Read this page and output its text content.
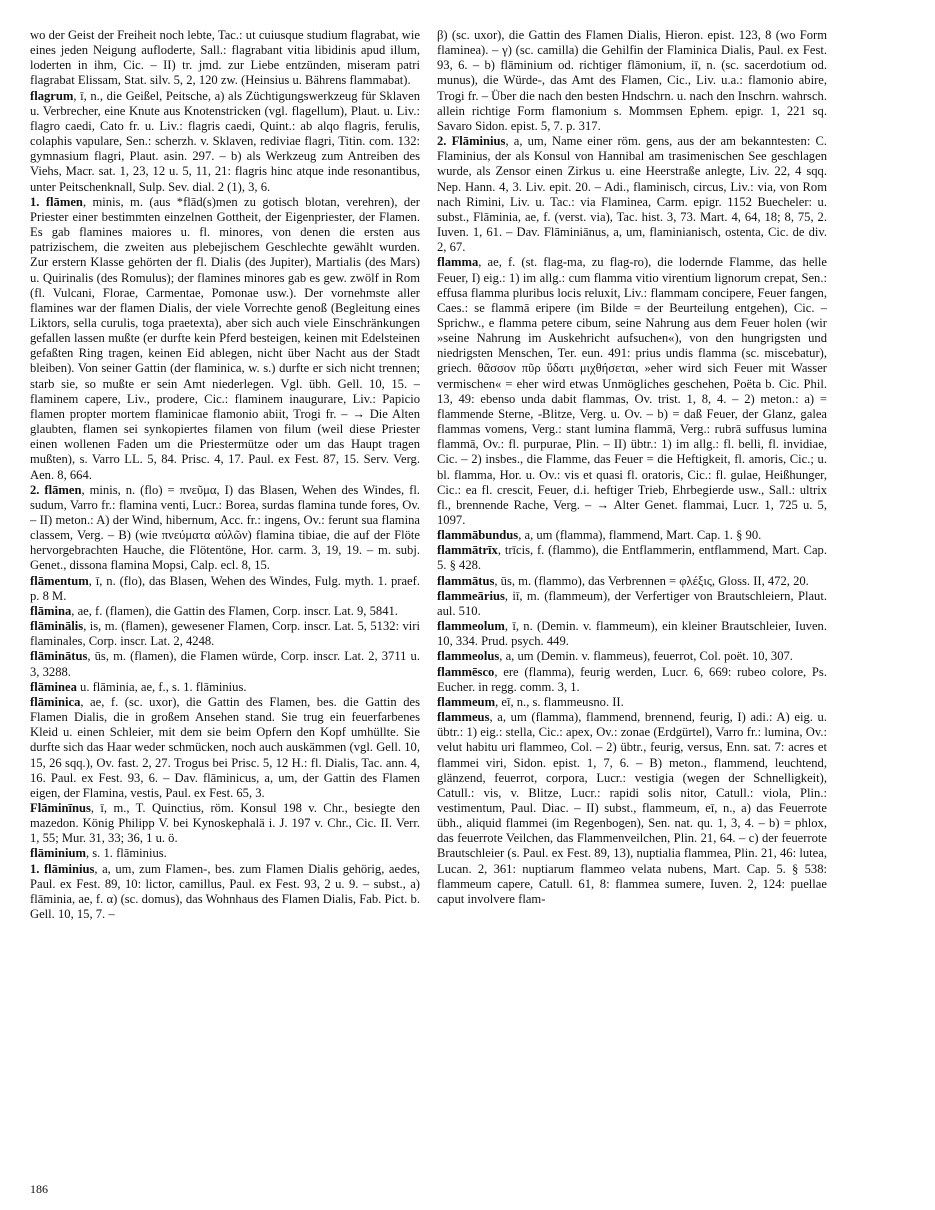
wo der Geist der Freiheit noch lebte, Tac.: ut cuiusque studium flagrabat, wie eines jeden Neigung aufloderte, Sall.: flagrabant vitia libidinis apud illum, loderten in ihm, Cic. – II) tr. jmd. zur Liebe entzünden, miseram patri flagrabat Elissam, Stat. silv. 5, 2, 120 zw. (Heinsius u. Bährens flammabat).

flagrum, ī, n., die Geißel, Peitsche, a) als Züchtigungswerkzeug für Sklaven u. Verbrecher, eine Knute aus Knotenstricken (vgl. flagellum), Plaut. u. Liv.: flagro caedi, Cato fr. u. Liv.: flagris caedi, Quint.: ab alqo flagris, ferulis, colaphis vapulare, Sen.: scherzh. v. Sklaven, rediviae flagri, Titin. com. 132: gymnasium flagri, Plaut. asin. 297. – b) als Werkzeug zum Antreiben des Viehs, Macr. sat. 1, 23, 12 u. 5, 11, 21: flagris hinc atque inde resonantibus, unter Peitschenknall, Sulp. Sev. dial. 2 (1), 3, 6.

1. flāmen, minis, m. (aus *flād(s)men zu gotisch blotan, verehren), der Priester einer bestimmten einzelnen Gottheit, der Eigenpriester, der Flamen. Es gab flamines maiores u. fl. minores, von denen die ersten aus patrizischem, die zweiten aus plebejischem Geschlechte gewählt wurden. Zur erstern Klasse gehörten der fl. Dialis (des Jupiter), Martialis (des Mars) u. Quirinalis (des Romulus); der flamines minores gab es gew. zwölf in Rom (fl. Vulcani, Florae, Carmentae, Pomonae usw.). Der vornehmste aller flamines war der flamen Dialis, der viele Vorrechte genoß (Begleitung eines Liktors, sella curulis, toga praetexta), aber sich auch viele Einschränkungen gefallen lassen mußte (er durfte kein Pferd besteigen, keinen mit Edelsteinen gefaßten Ring tragen, keinen Eid ablegen, nicht über Nacht aus der Stadt bleiben). Von seiner Gattin (der flaminica, w. s.) durfte er sich nicht trennen; starb sie, so mußte er sein Amt niederlegen. Vgl. übh. Gell. 10, 15. – flaminem capere, Liv., prodere, Cic.: flaminem inaugurare, Liv.: Papicio flamen propter mortem flaminicae flamonio abiit, Trogi fr. – → Die Alten glaubten, flamen sei synkopiertes filamen von filum (weil diese Priester einen wollenen Faden um die Priestermütze oder um das Haupt tragen mußten), s. Varro LL. 5, 84. Prisc. 4, 17. Paul. ex Fest. 87, 15. Serv. Verg. Aen. 8, 664.

2. flāmen, minis, n. (flo) = πνεῦμα, I) das Blasen, Wehen des Windes, fl. sudum, Varro fr.: flamina venti, Lucr.: Borea, surdas flamina tunde fores, Ov. – II) meton.: A) der Wind, hibernum, Acc. fr.: ingens, Ov.: ferunt sua flamina classem, Verg. – B) (wie πνεύματα αὐλῶν) flamina tibiae, die auf der Flöte hervorgebrachten Hauche, die Flötentöne, Hor. carm. 3, 19, 19. – m. subj. Genet., dissona flamina Mopsi, Calp. ecl. 8, 15.

flāmentum, ī, n. (flo), das Blasen, Wehen des Windes, Fulg. myth. 1. praef. p. 8 M.

flāmina, ae, f. (flamen), die Gattin des Flamen, Corp. inscr. Lat. 9, 5841.

flāminālis, is, m. (flamen), gewesener Flamen, Corp. inscr. Lat. 5, 5132: viri flaminales, Corp. inscr. Lat. 2, 4248.

flāminātus, ūs, m. (flamen), die Flamen würde, Corp. inscr. Lat. 2, 3711 u. 3, 3288.

flāminea u. flāminia, ae, f., s. 1. flāminius.

flāminica, ae, f. (sc. uxor), die Gattin des Flamen, bes. die Gattin des Flamen Dialis, die in großem Ansehen stand. Sie trug ein feuerfarbenes Kleid u. einen Schleier, mit dem sie beim Opfern den Kopf umhüllte. Sie durfte sich das Haar weder schmücken, noch auch auskämmen (vgl. Gell. 10, 15, 26 sqq.), Ov. fast. 2, 27. Trogus bei Prisc. 5, 12 H.: fl. Dialis, Tac. ann. 4, 16. Paul. ex Fest. 93, 6. – Dav. flāminicus, a, um, der Gattin des Flamen eigen, der Flamina, vestis, Paul. ex Fest. 65, 3.

Flāminīnus, ī, m., T. Quinctius, röm. Konsul 198 v. Chr., besiegte den mazedon. König Philipp V. bei Kynoskephalä i. J. 197 v. Chr., Cic. II. Verr. 1, 55; Mur. 31, 33; 36, 1 u. ö.

flāminium, s. 1. flāminius.

1. flāminius, a, um, zum Flamen-, bes. zum Flamen Dialis gehörig, aedes, Paul. ex Fest. 89, 10: lictor, camillus, Paul. ex Fest. 93, 2 u. 9. – subst., a) flāminia, ae, f. α) (sc. domus), das Wohnhaus des Flamen Dialis, Fab. Pict. b. Gell. 10, 15, 7. –

β) (sc. uxor), die Gattin des Flamen Dialis, Hieron. epist. 123, 8 (wo Form flaminea). – γ) (sc. camilla) die Gehilfin der Flaminica Dialis, Paul. ex Fest. 93, 6. – b) flāminium od. richtiger flāmonium, iī, n. (sc. sacerdotium od. munus), die Würde-, das Amt des Flamen, Cic., Liv. u.a.: flamonio abire, Trogi fr. – Über die nach den besten Hndschrn. u. nach den Inschrn. wahrsch. allein richtige Form flamonium s. Mommsen Ephem. epigr. 1, 221 sq. Savaro Sidon. epist. 5, 7. p. 317.

2. Flāminius, a, um, Name einer röm. gens, aus der am bekanntesten: C. Flaminius, der als Konsul von Hannibal am trasimenischen See geschlagen wurde, als Zensor einen Zirkus u. eine Heerstraße anlegte, Liv. 22, 4 sqq. Nep. Hann. 4, 3. Liv. epit. 20. – Adi., flaminisch, circus, Liv.: via, von Rom nach Rimini, Liv. u. Tac.: via Flaminea, Carm. epigr. 1152 Buecheler: u. subst., Flāminia, ae, f. (verst. via), Tac. hist. 3, 73. Mart. 4, 64, 18; 8, 75, 2. Iuven. 1, 61. – Dav. Flāminiānus, a, um, flaminianisch, ostenta, Cic. de div. 2, 67.

flamma, ae, f. (st. flag-ma, zu flag-ro), die lodernde Flamme, das helle Feuer, I) eig.: 1) im allg.: cum flamma vitio virentium lignorum crepat, Sen.: effusa flamma pluribus locis reluxit, Liv.: flammam concipere, Feuer fangen, Caes.: se flammā eripere (im Bilde = der Beurteilung entgehen), Cic. – Sprichw., e flamma petere cibum, seine Nahrung aus dem Feuer holen (wir »seine Nahrung im Auskehricht aufsuchen«), von den hungrigsten und niedrigsten Menschen, Ter. eun. 491: prius undis flamma (sc. miscebatur), griech. θᾶσσον πῦρ ὕδατι μιχθήσεται, »eher wird sich Feuer mit Wasser vermischen« = eher wird etwas Unmögliches geschehen, Poëta b. Cic. Phil. 13, 49: ebenso unda dabit flammas, Ov. trist. 1, 8, 4. – 2) meton.: a) = flammende Sterne, -Blitze, Verg. u. Ov. – b) = daß Feuer, der Glanz, galea flammas vomens, Verg.: stant lumina flammā, Verg.: rubrā suffusus lumina flammā, Ov.: fl. purpurae, Plin. – II) übtr.: 1) im allg.: fl. belli, fl. invidiae, Cic. – 2) insbes., die Flamme, das Feuer = die Heftigkeit, fl. amoris, Cic.; u. bl. flamma, Hor. u. Ov.: vis et quasi fl. oratoris, Cic.: fl. gulae, Heißhunger, Cic.: ea fl. crescit, Feuer, d.i. heftiger Trieb, Ehrbegierde usw., Sall.: ultrix fl., brennende Rache, Verg. – → Alter Genet. flammai, Lucr. 1, 725 u. 5, 1097.

flammābundus, a, um (flamma), flammend, Mart. Cap. 1. § 90.

flammātrīx, trīcis, f. (flammo), die Entflammerin, entflammend, Mart. Cap. 5. § 428.

flammātus, ūs, m. (flammo), das Verbrennen = φλέξις, Gloss. II, 472, 20.

flammeārius, iī, m. (flammeum), der Verfertiger von Brautschleiern, Plaut. aul. 510.

flammeolum, ī, n. (Demin. v. flammeum), ein kleiner Brautschleier, Iuven. 10, 334. Prud. psych. 449.

flammeolus, a, um (Demin. v. flammeus), feuerrot, Col. poët. 10, 307.

flammēsco, ere (flamma), feurig werden, Lucr. 6, 669: rubeo colore, Ps. Eucher. in regg. comm. 3, 1.

flammeum, eī, n., s. flammeusno. II.

flammeus, a, um (flamma), flammend, brennend, feurig, I) adi.: A) eig. u. übtr.: 1) eig.: stella, Cic.: apex, Ov.: zonae (Erdgürtel), Varro fr.: lumina, Ov.: velut habitu uri flammeo, Col. – 2) übtr., feurig, versus, Enn. sat. 7: acres et flammei viri, Sidon. epist. 1, 7, 6. – B) meton., flammend, leuchtend, glänzend, feuerrot, corpora, Lucr.: vestigia (wegen der Schnelligkeit), Catull.: vis, v. Blitze, Lucr.: rapidi solis nitor, Catull.: viola, Plin.: vestimentum, Paul. Diac. – II) subst., flammeum, eī, n., a) das Feuerrote übh., aliquid flammei (im Regenbogen), Sen. nat. qu. 1, 3, 4. – b) = phlox, das feuerrote Veilchen, das Flammenveilchen, Plin. 21, 64. – c) der feuerrote Brautschleier (s. Paul. ex Fest. 89, 13), nuptialia flammea, Plin. 21, 46: lutea, Lucan. 2, 361: nuptiarum flammeo velata nubens, Mart. Cap. 5. § 538: flammeum capere, Catull. 61, 8: flammea sumere, Iuven. 2, 124: puellae caput involvere flam-

186
